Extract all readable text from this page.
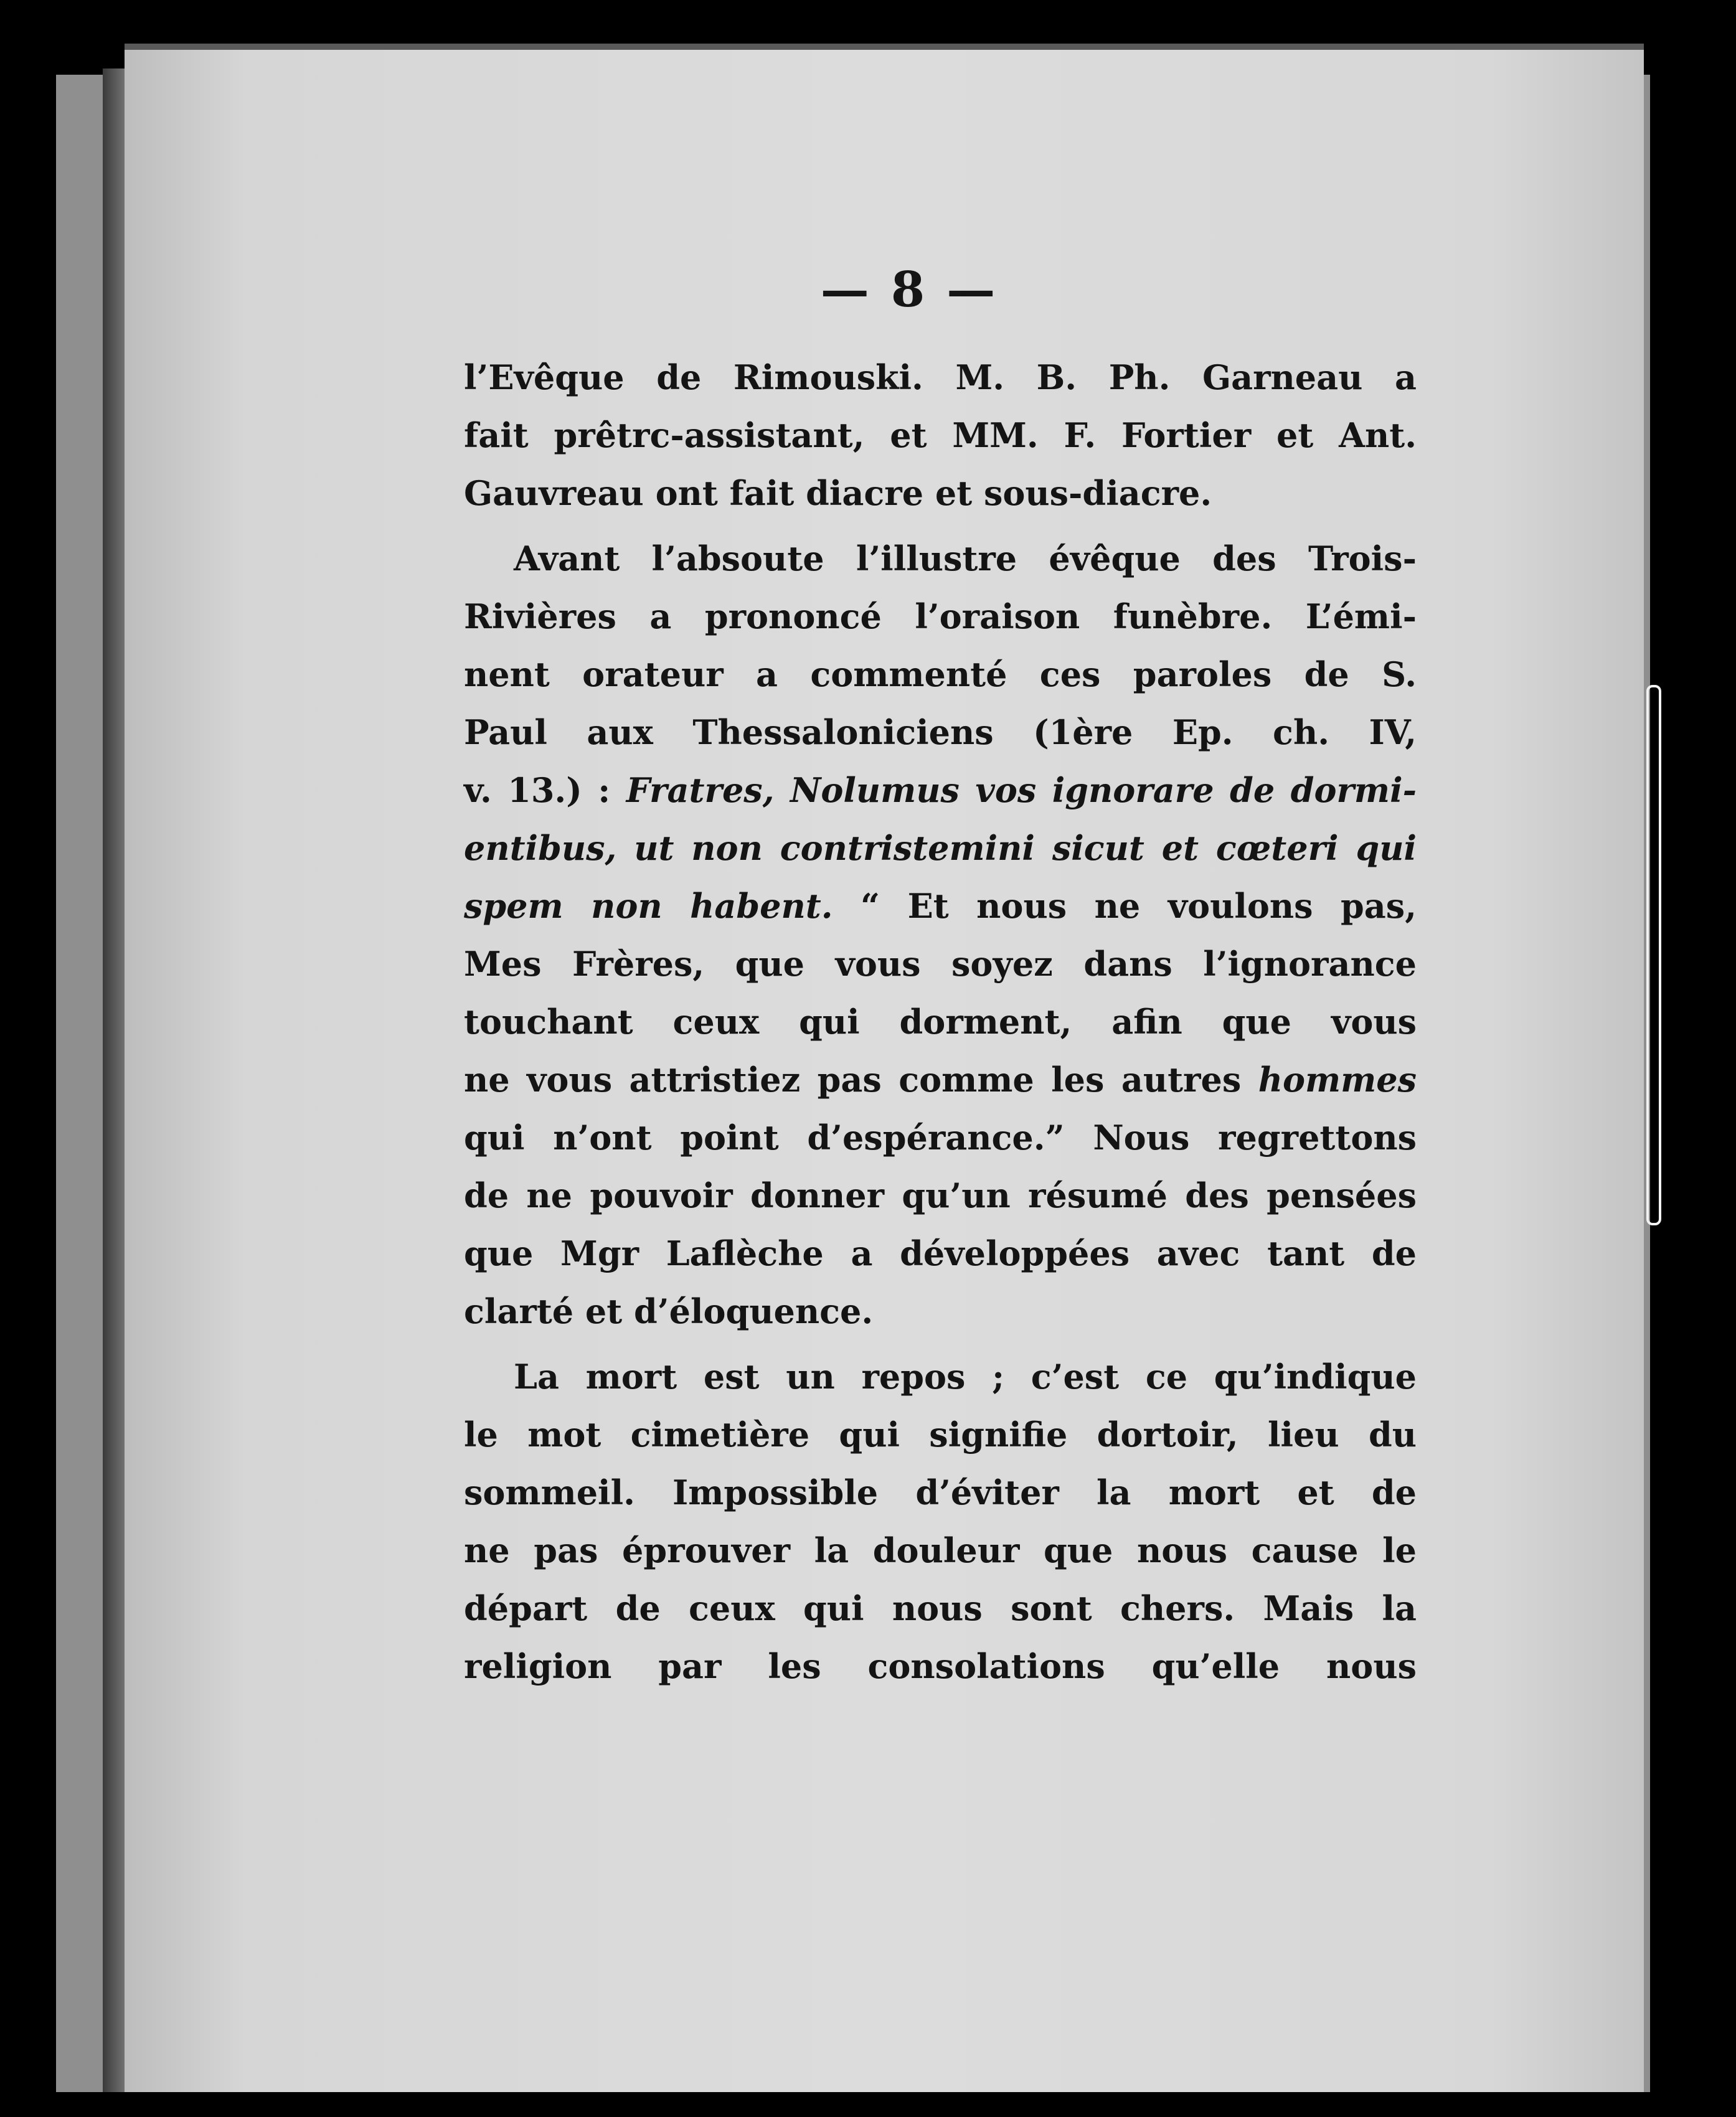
— 8 —
l’Evêque de Rimouski. M. B. Ph. Garneau a
fait prêtrc-assistant, et MM. F. Fortier et Ant.
Gauvreau ont fait diacre et sous-diacre.
Avant l’absoute l’illustre évêque des Trois-
Rivières a prononcé l’oraison funèbre. L’émi-
nent orateur a commenté ces paroles de S.
Paul aux Thessaloniciens (1ère Ep. ch. IV,
v. 13.) : Fratres, Nolumus vos ignorare de dormi-
entibus, ut non contristemini sicut et cœteri qui
spem non habent. “ Et nous ne voulons pas,
Mes Frères, que vous soyez dans l’ignorance
touchant ceux qui dorment, afin que vous
ne vous attristiez pas comme les autres hommes
qui n’ont point d’espérance.” Nous regrettons
de ne pouvoir donner qu’un résumé des pensées
que Mgr Laflèche a développées avec tant de
clarté et d’éloquence.
La mort est un repos ; c’est ce qu’indique
le mot cimetière qui signifie dortoir, lieu du
sommeil. Impossible d’éviter la mort et de
ne pas éprouver la douleur que nous cause le
départ de ceux qui nous sont chers. Mais la
religion par les consolations qu’elle nous
